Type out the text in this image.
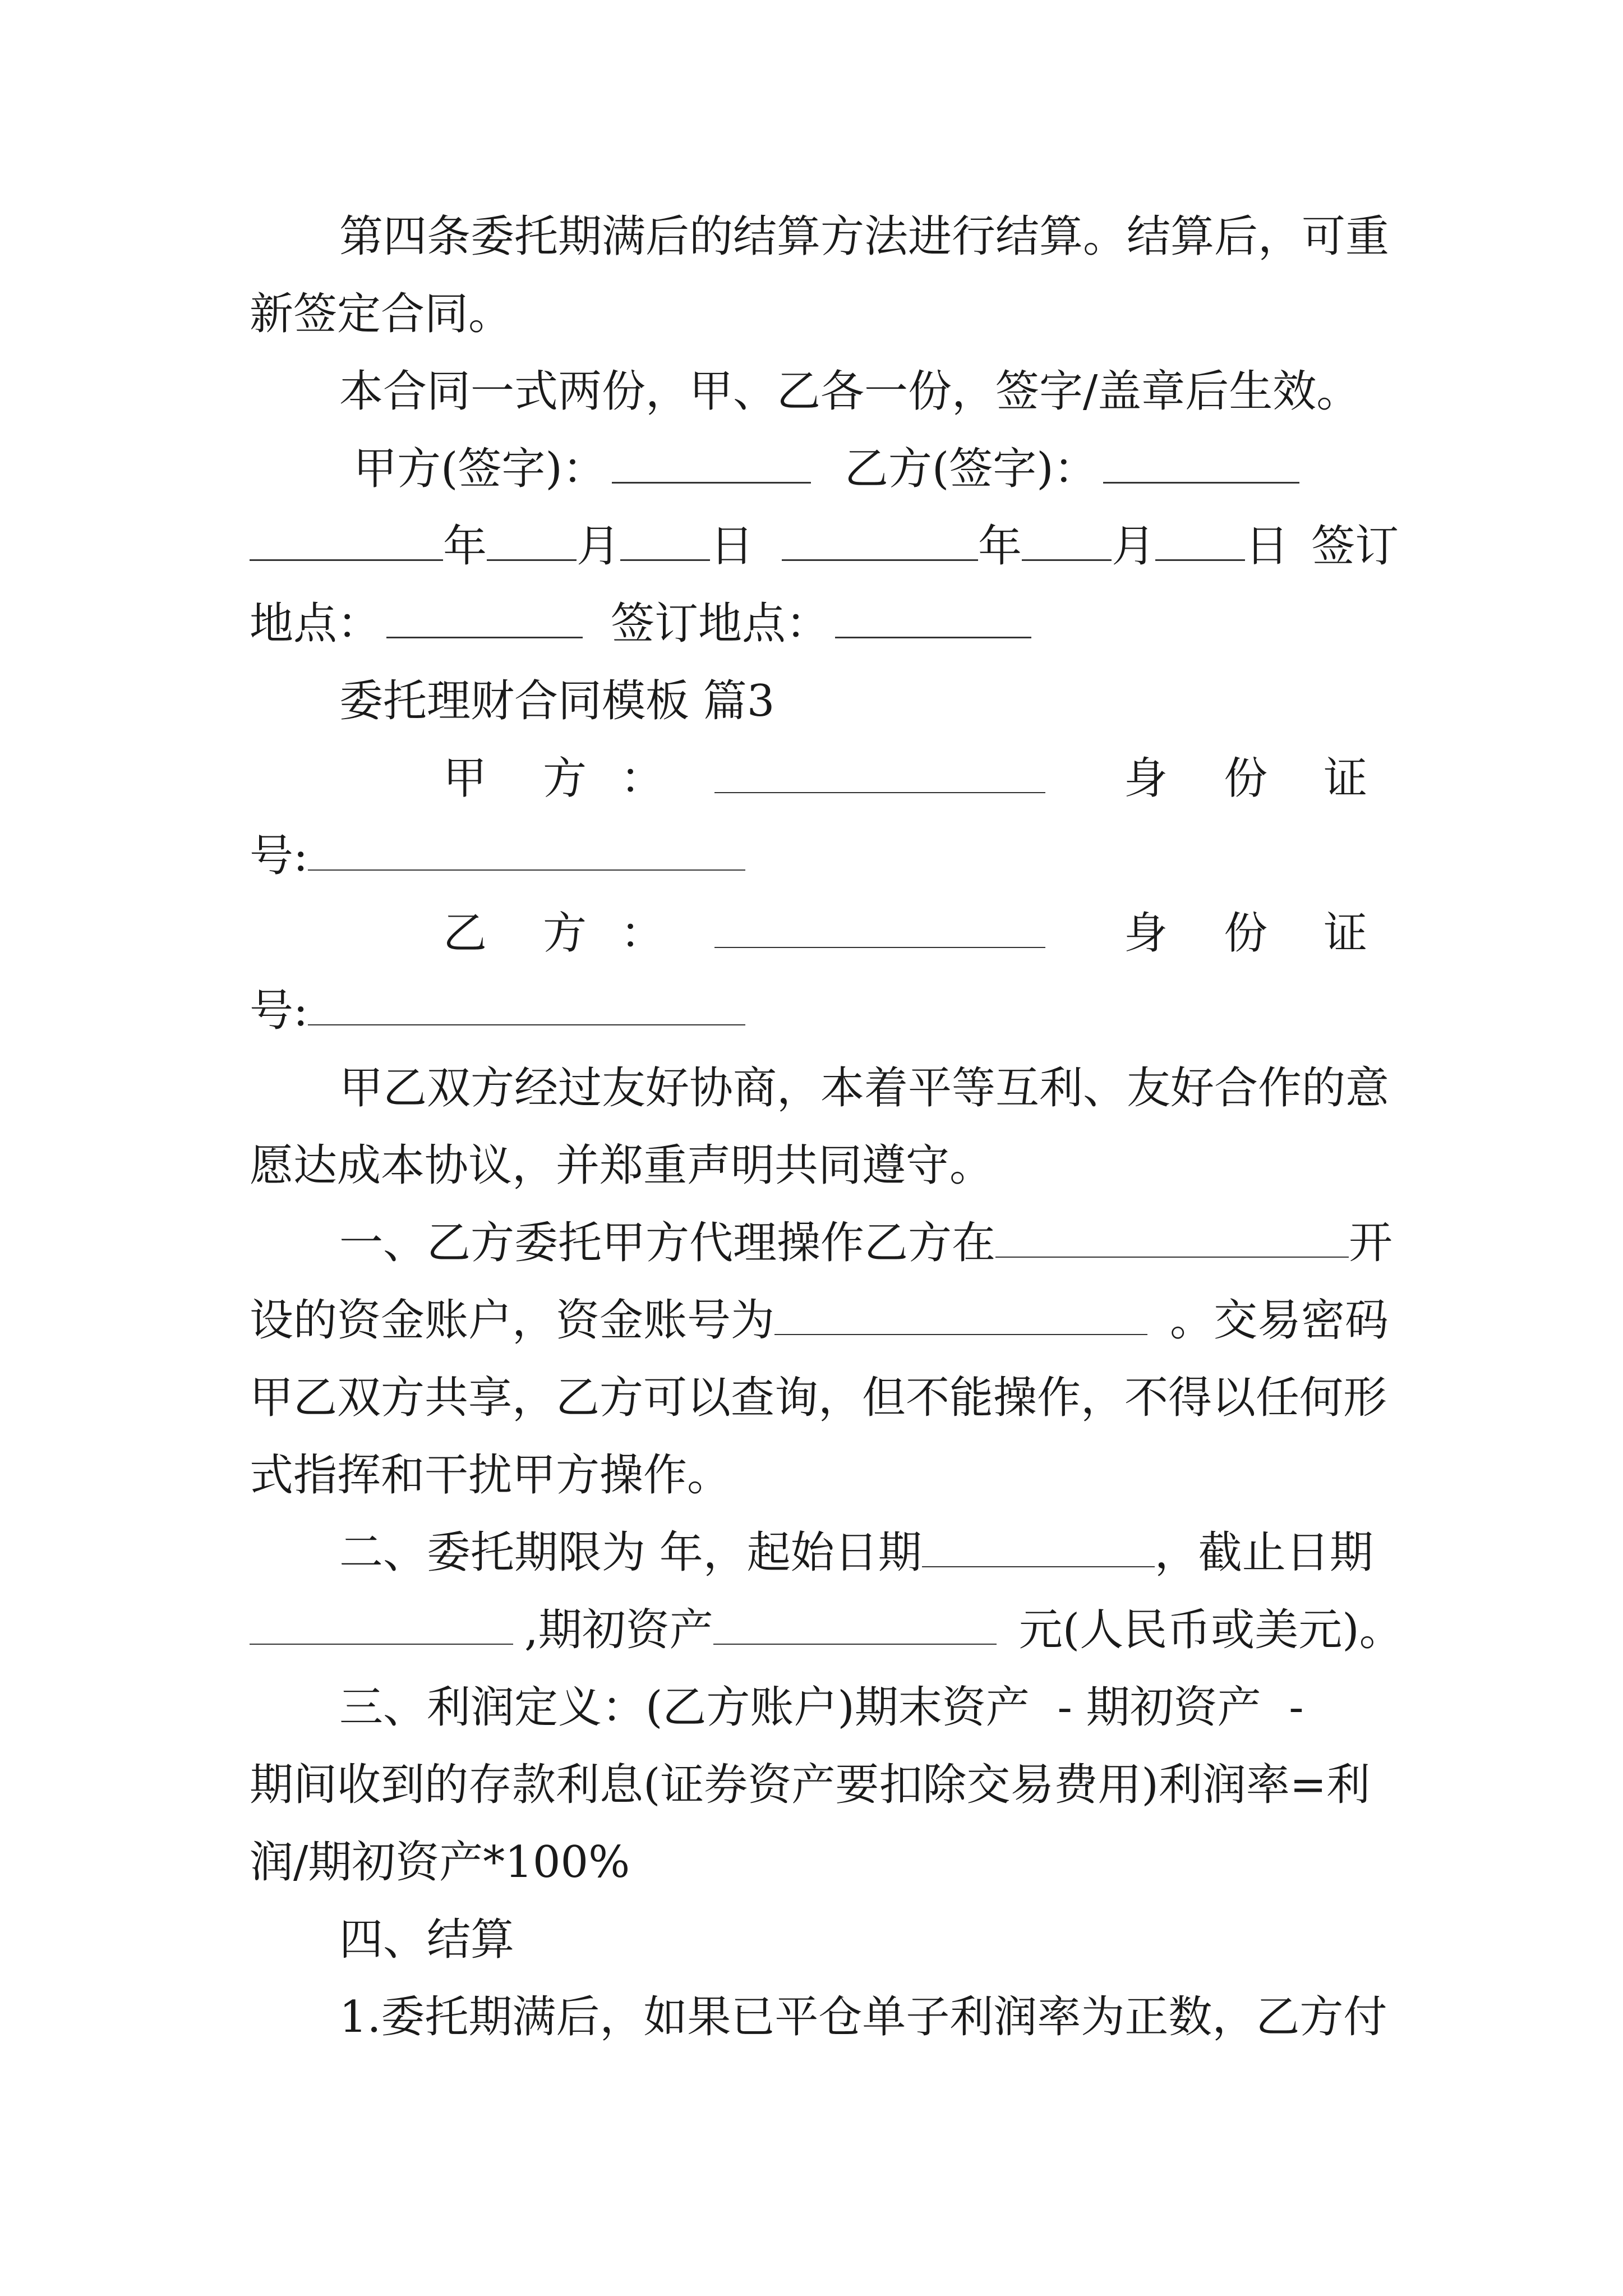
第四条委托期满后的结算方法进行结算。结算后，可重
新签定合同。
本合同一式两份，甲、乙各一份，签字/盖章后生效。
甲方(签字)：	乙方(签字)：
年 月 日	年 月 日 签订
地点：	签订地点：
委托理财合同模板 篇3
甲 方 ：	身 份 证
号:
乙 方 ：	身 份 证
号:
甲乙双方经过友好协商，本着平等互利、友好合作的意
愿达成本协议，并郑重声明共同遵守。
一、乙方委托甲方代理操作乙方在	开
设的资金账户，资金账号为	。交易密码
甲乙双方共享，乙方可以查询，但不能操作，不得以任何形
式指挥和干扰甲方操作。
二、委托期限为 年，起始日期	，截止日期
,期初资产	元(人民币或美元)。
三、利润定义：(乙方账户)期末资产  - 期初资产  -
期间收到的存款利息(证券资产要扣除交易费用)利润率=利
润/期初资产*100%
四、结算
1.委托期满后，如果已平仓单子利润率为正数，乙方付
